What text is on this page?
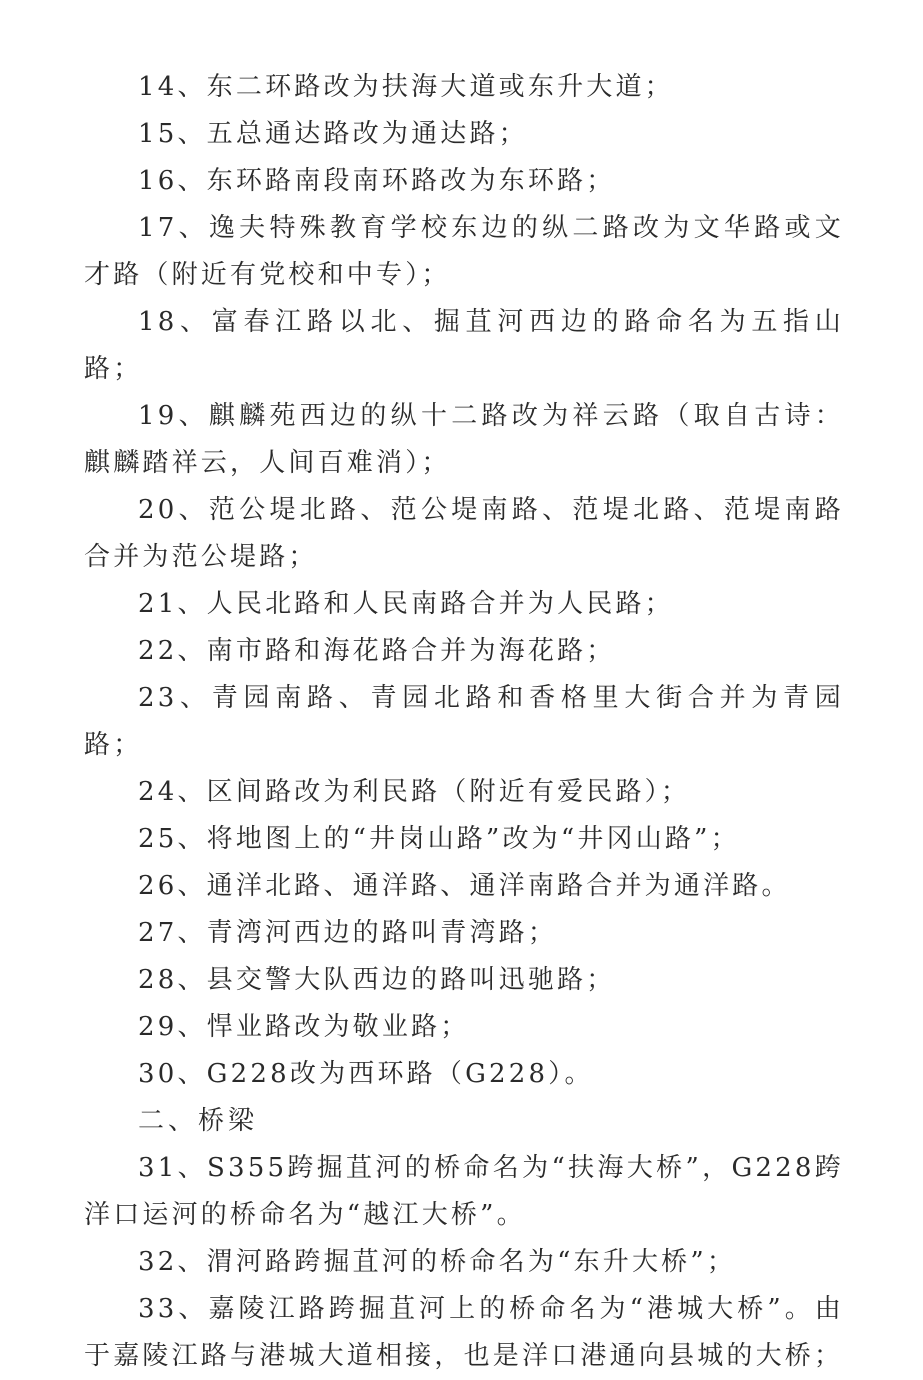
14、东二环路改为扶海大道或东升大道；

15、五总通达路改为通达路；

16、东环路南段南环路改为东环路；

17、逸夫特殊教育学校东边的纵二路改为文华路或文才路（附近有党校和中专）；

18、富春江路以北、掘苴河西边的路命名为五指山路；

19、麒麟苑西边的纵十二路改为祥云路（取自古诗：麒麟踏祥云，人间百难消）；

20、范公堤北路、范公堤南路、范堤北路、范堤南路合并为范公堤路；

21、人民北路和人民南路合并为人民路；

22、南市路和海花路合并为海花路；

23、青园南路、青园北路和香格里大街合并为青园路；

24、区间路改为利民路（附近有爱民路）；

25、将地图上的“井岗山路”改为“井冈山路”；

26、通洋北路、通洋路、通洋南路合并为通洋路。

27、青湾河西边的路叫青湾路；

28、县交警大队西边的路叫迅驰路；

29、悍业路改为敬业路；

30、G228改为西环路（G228）。

二、桥梁

31、S355跨掘苴河的桥命名为“扶海大桥”，G228跨洋口运河的桥命名为“越江大桥”。

32、渭河路跨掘苴河的桥命名为“东升大桥”；

33、嘉陵江路跨掘苴河上的桥命名为“港城大桥”。由于嘉陵江路与港城大道相接，也是洋口港通向县城的大桥；
